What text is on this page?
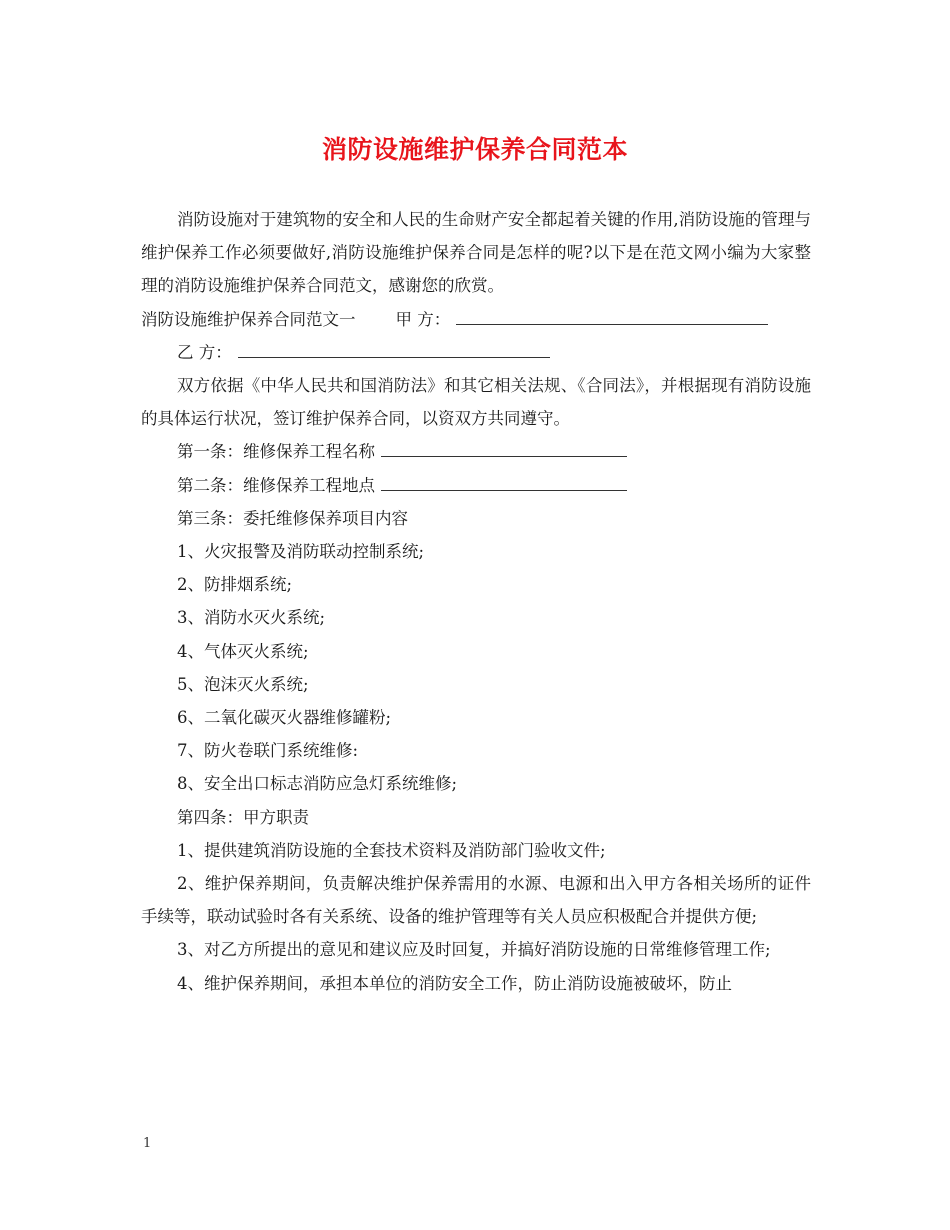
消防设施维护保养合同范本

消防设施对于建筑物的安全和人民的生命财产安全都起着关键的作用,消防设施的管理与维护保养工作必须要做好,消防设施维护保养合同是怎样的呢?以下是在范文网小编为大家整理的消防设施维护保养合同范文，感谢您的欣赏。

消防设施维护保养合同范文一 甲 方：

乙 方：

双方依据《中华人民共和国消防法》和其它相关法规、《合同法》，并根据现有消防设施的具体运行状况，签订维护保养合同，以资双方共同遵守。

第一条：维修保养工程名称

第二条：维修保养工程地点

第三条：委托维修保养项目内容

1、火灾报警及消防联动控制系统;

2、防排烟系统;

3、消防水灭火系统;

4、气体灭火系统;

5、泡沫灭火系统;

6、二氧化碳灭火器维修罐粉;

7、防火卷联门系统维修:

8、安全出口标志消防应急灯系统维修;

第四条：甲方职责

1、提供建筑消防设施的全套技术资料及消防部门验收文件;

2、维护保养期间，负责解决维护保养需用的水源、电源和出入甲方各相关场所的证件手续等，联动试验时各有关系统、设备的维护管理等有关人员应积极配合并提供方便;

3、对乙方所提出的意见和建议应及时回复，并搞好消防设施的日常维修管理工作;

4、维护保养期间，承担本单位的消防安全工作，防止消防设施被破坏，防止

1
